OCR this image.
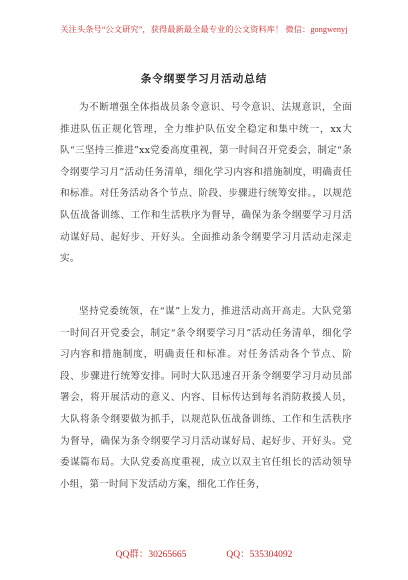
关注头条号“公文研究”，获得最新最全最专业的公文资料库！ 微信：gongwenyj
条令纲要学习月活动总结

为不断增强全体指战员条令意识、号令意识、法规意识，全面推进队伍正规化管理，全力维护队伍安全稳定和集中统一，xx大队“三坚持三推进”xx党委高度重视，第一时间召开党委会，制定“条令纲要学习月”活动任务清单，细化学习内容和措施制度，明确责任和标准。对任务活动各个节点、阶段、步骤进行统筹安排。，以规范队伍战备训练、工作和生活秩序为督导，确保为条令纲要学习月活动谋好局、起好步、开好头。全面推动条令纲要学习月活动走深走实。

坚持党委统领，在“谋”上发力，推进活动高开高走。大队党第一时间召开党委会，制定“条令纲要学习月”活动任务清单，细化学习内容和措施制度，明确责任和标准。对任务活动各个节点、阶段、步骤进行统筹安排。同时大队迅速召开条令纲要学习月动员部署会，将开展活动的意义、内容、目标传达到每名消防救援人员，大队将条令纲要做为抓手，以规范队伍战备训练、工作和生活秩序为督导，确保为条令纲要学习月活动谋好局、起好步、开好头。党委谋篇布局。大队党委高度重视，成立以双主官任组长的活动领导小组，第一时间下发活动方案，细化工作任务，

QQ群：30265665	QQ：535304092
